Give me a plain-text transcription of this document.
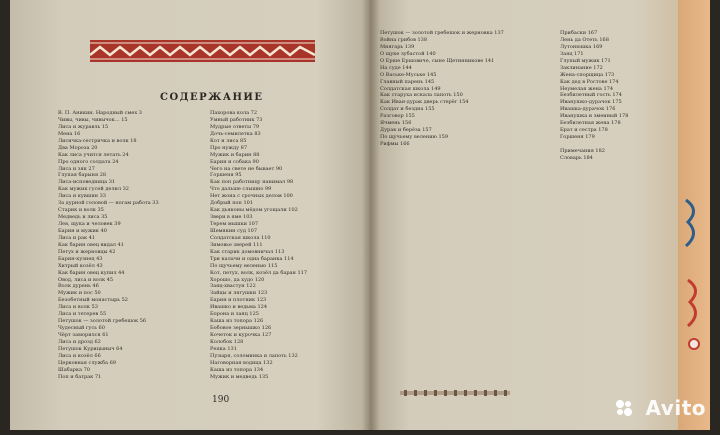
СОДЕРЖАНИЕ
В. П. Аникин. Народный смех 3
Чивы, чивы, чивычок… 15
Лиса и журавль 15
Мена 16
Лисичка-сестричка и волк 18
Два Мороза 20
Как лиса учится летать 24
Про одного солдата 24
Лиса и зяк 27
Глупая барыня 28
Лиса-исповедница 31
Как мужик гусей делил 32
Лиса и кувшин 33
За дурной головой — ногам работа 33
Старик и волк 35
Медведь и лиса 35
Лев, щука и человек 39
Барин и мужик 40
Лиса и рак 41
Как барин овец видал 41
Петух и жерновцы 42
Барин-кузнец 43
Хитрый козёл 43
Как барин овец купил 44
Овод, лиса и волк 45
Волк дурень 46
Мужик и пос 50
Безобетный монастырь 52
Лиса и волк 53
Лиса и тетерев 55
Петушок — золотой гребешок 56
Чудесный гусь 60
Чёрт заморился 61
Лиса и дрозд 62
Петушок Курицыныч 64
Лиса и козёл 66
Церковная служба 69
Шабарка 70
Поп и батрак 71
Пахорова кола 72
Умный работник 73
Мудрые ответы 79
Дочь-семилетка 83
Кот и лиса 85
Про нужду 87
Мужик и барин 88
Барин и собака 90
Чего на свете не бывает 90
Горшеня 95
Как поп работницу нанимал 98
Что дальше слышно 99
Нет жона с срочных делом 100
Добрый поп 101
Как дьяконы мёдом угощали 102
Звери в яме 103
Терем мышки 107
Шемякин суд 107
Солдатская школа 110
Зимовье зверей 111
Как старик домовничал 113
Три калачи и одна баранка 114
По щучьему веленью 115
Кот, петух, волк, козёл да баран 117
Хорошо, да худо 120
Заяц-хвастун 122
Зайцы и лягушки 123
Барин и плотник 123
Ивашко и ведьма 124
Борона и заяц 125
Каша из топора 126
Бобовое зернышко 126
Кочеток и курочка 127
Колобок 128
Репка 131
Пузыря, соломинка и лапоть 132
Наговорная водица 132
Каша из топора 134
Мужик и медведь 135
190
Петушок — золотой гребешок и жерновка 137
Война грибов 138
Мнягарь 139
О щуке зубастой 140
О Ерше Ершовиче, сыне Щетинникове 141
На суде 144
О Ваське-Муське 145
Главный парень 145
Солдатская школа 149
Как старуха искала лапоть 150
Как Иван-дурак дверь стерёг 154
Солдат и бездна 155
Разговор 155
Ячмень 156
Дурак и берёза 157
По щучьему велению 159
Рифмы 166
Прибаски 167
Лень да Отеть 168
Лутонюшка 169
Заяц 171
Глупый мужик 171
Заклинание 172
Жена-спорщица 173
Как дед в Ростове 174
Неумелая жена 174
Безбилетный гость 174
Иванушко-дурачок 175
Ивашка-дурачок 176
Иванушка и змеиный 178
Безбилетная жена 178
Брат и сестра 178
Горшеня 179
Примечания 182
Словарь 184
Avito
